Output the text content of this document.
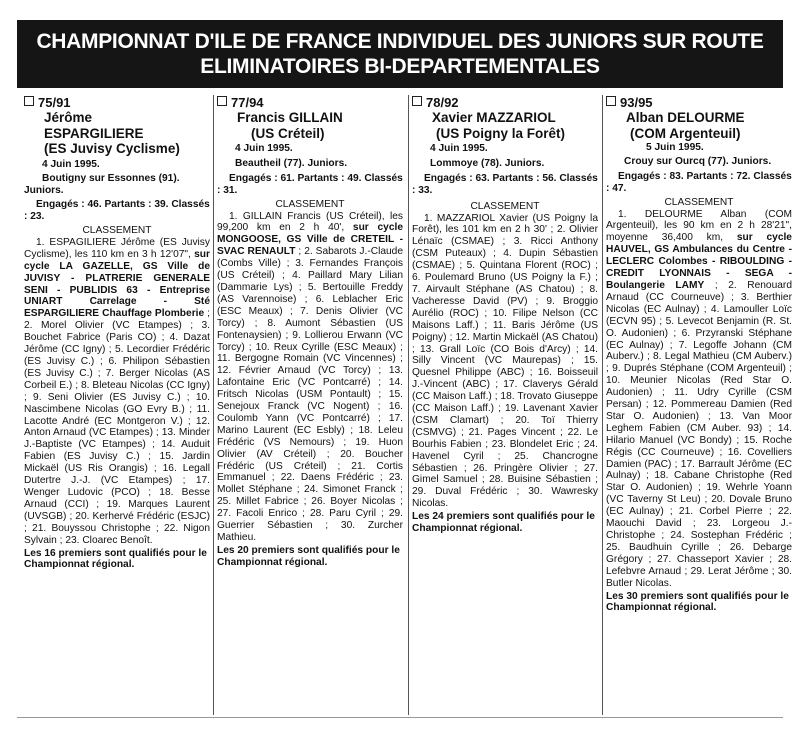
CHAMPIONNAT D'ILE DE FRANCE INDIVIDUEL DES JUNIORS SUR ROUTE
ELIMINATOIRES BI-DEPARTEMENTALES
75/91
Jérôme
ESPARGILIERE
(ES Juvisy Cyclisme)
4 Juin 1995.
Boutigny sur Essonnes (91). Juniors.
Engagés : 46. Partants : 39. Classés : 23.
CLASSEMENT
1. ESPAGILIERE Jérôme (ES Juvisy Cyclisme), les 110 km en 3 h 12'07", sur cycle LA GAZELLE, GS Ville de JUVISY - PLATRERIE GENERALE SENI - PUBLIDIS 63 - Entreprise UNIART Carrelage - Sté ESPARGILIERE Chauffage Plomberie ; 2. Morel Olivier (VC Etampes) ; 3. Bouchet Fabrice (Paris CO) ; 4. Dazat Jérôme (CC Igny) ; 5. Lecordier Frédéric (ES Juvisy C.) ; 6. Philipon Sébastien (ES Juvisy C.) ; 7. Berger Nicolas (AS Corbeil E.) ; 8. Bleteau Nicolas (CC Igny) ; 9. Seni Olivier (ES Juvisy C.) ; 10. Nascimbene Nicolas (GO Evry B.) ; 11. Lacotte André (EC Montgeron V.) ; 12. Anton Arnaud (VC Etampes) ; 13. Minder J.-Baptiste (VC Etampes) ; 14. Auduit Fabien (ES Juvisy C.) ; 15. Jardin Mickaël (US Ris Orangis) ; 16. Legall Dutertre J.-J. (VC Etampes) ; 17. Wenger Ludovic (PCO) ; 18. Besse Arnaud (CCI) ; 19. Marques Laurent (UVSGB) ; 20. Kerhervé Frédéric (ESJC) ; 21. Bouyssou Christophe ; 22. Nigon Sylvain ; 23. Cloarec Benoît.
Les 16 premiers sont qualifiés pour le Championnat régional.
77/94
Francis GILLAIN
(US Créteil)
4 Juin 1995.
Beautheil (77). Juniors.
Engagés : 61. Partants : 49. Classés : 31.
CLASSEMENT
1. GILLAIN Francis (US Créteil), les 99,200 km en 2 h 40', sur cycle MONGOOSE, GS Ville de CRETEIL - SVAC RENAULT ; 2. Sabarots J.-Claude (Combs Ville) ; 3. Fernandes François (US Créteil) ; 4. Paillard Mary Lilian (Dammarie Lys) ; 5. Bertouille Freddy (AS Varennoise) ; 6. Leblacher Eric (ESC Meaux) ; 7. Denis Olivier (VC Torcy) ; 8. Aumont Sébastien (US Fontenaysien) ; 9. Lollierou Erwann (VC Torcy) ; 10. Reux Cyrille (ESC Meaux) ; 11. Bergogne Romain (VC Vincennes) ; 12. Février Arnaud (VC Torcy) ; 13. Lafontaine Eric (VC Pontcarré) ; 14. Fritsch Nicolas (USM Pontault) ; 15. Senejoux Franck (VC Nogent) ; 16. Coulomb Yann (VC Pontcarré) ; 17. Marino Laurent (EC Esbly) ; 18. Leleu Frédéric (VS Nemours) ; 19. Huon Olivier (AV Créteil) ; 20. Boucher Frédéric (US Créteil) ; 21. Cortis Emmanuel ; 22. Daens Frédéric ; 23. Mollet Stéphane ; 24. Simonet Franck ; 25. Millet Fabrice ; 26. Boyer Nicolas ; 27. Facoli Enrico ; 28. Paru Cyril ; 29. Guerrier Sébastien ; 30. Zurcher Mathieu.
Les 20 premiers sont qualifiés pour le Championnat régional.
78/92
Xavier MAZZARIOL
(US Poigny la Forêt)
4 Juin 1995.
Lommoye (78). Juniors.
Engagés : 63. Partants : 56. Classés : 33.
CLASSEMENT
1. MAZZARIOL Xavier (US Poigny la Forêt), les 101 km en 2 h 30' ; 2. Olivier Lénaïc (CSMAE) ; 3. Ricci Anthony (CSM Puteaux) ; 4. Dupin Sébastien (CSMAE) ; 5. Quintana Florent (ROC) ; 6. Poulemard Bruno (US Poigny la F.) ; 7. Airvault Stéphane (AS Chatou) ; 8. Vacheresse David (PV) ; 9. Broggio Aurélio (ROC) ; 10. Filipe Nelson (CC Maisons Laff.) ; 11. Baris Jérôme (US Poigny) ; 12. Martin Mickaël (AS Chatou) ; 13. Grall Loïc (CO Bois d'Arcy) ; 14. Silly Vincent (VC Maurepas) ; 15. Quesnel Philippe (ABC) ; 16. Boisseuil J.-Vincent (ABC) ; 17. Claverys Gérald (CC Maison Laff.) ; 18. Trovato Giuseppe (CC Maison Laff.) ; 19. Lavenant Xavier (CSM Clamart) ; 20. Toï Thierry (CSMVG) ; 21. Pages Vincent ; 22. Le Bourhis Fabien ; 23. Blondelet Eric ; 24. Havenel Cyril ; 25. Chancrogne Sébastien ; 26. Pringère Olivier ; 27. Gimel Samuel ; 28. Buisine Sébastien ; 29. Duval Frédéric ; 30. Wawresky Nicolas.
Les 24 premiers sont qualifiés pour le Championnat régional.
93/95
Alban DELOURME
(COM Argenteuil)
5 Juin 1995.
Crouy sur Ourcq (77). Juniors.
Engagés : 83. Partants : 72. Classés : 47.
CLASSEMENT
1. DELOURME Alban (COM Argenteuil), les 90 km en 2 h 28'21", moyenne 36,400 km, sur cycle HAUVEL, GS Ambulances du Centre - LECLERC Colombes - RIBOULDING - CREDIT LYONNAIS - SEGA - Boulangerie LAMY ; 2. Renouard Arnaud (CC Courneuve) ; 3. Berthier Nicolas (EC Aulnay) ; 4. Lamouller Loïc (ECVN 95) ; 5. Levecot Benjamin (R. St. O. Audonien) ; 6. Przyranski Stéphane (EC Aulnay) ; 7. Legoffe Johann (CM Auberv.) ; 8. Legal Mathieu (CM Auberv.) ; 9. Duprés Stéphane (COM Argenteuil) ; 10. Meunier Nicolas (Red Star O. Audonien) ; 11. Udry Cyrille (CSM Persan) ; 12. Pommereau Damien (Red Star O. Audonien) ; 13. Van Moor Leghem Fabien (CM Auber. 93) ; 14. Hilario Manuel (VC Bondy) ; 15. Roche Régis (CC Courneuve) ; 16. Covelliers Damien (PAC) ; 17. Barrault Jérôme (EC Aulnay) ; 18. Cabane Christophe (Red Star O. Audonien) ; 19. Wehrle Yoann (VC Taverny St Leu) ; 20. Dovale Bruno (EC Aulnay) ; 21. Corbel Pierre ; 22. Maouchi David ; 23. Lorgeou J.-Christophe ; 24. Sostephan Frédéric ; 25. Baudhuin Cyrille ; 26. Debarge Grégory ; 27. Chasseport Xavier ; 28. Lefebvre Arnaud ; 29. Lerat Jérôme ; 30. Butler Nicolas.
Les 30 premiers sont qualifiés pour le Championnat régional.
